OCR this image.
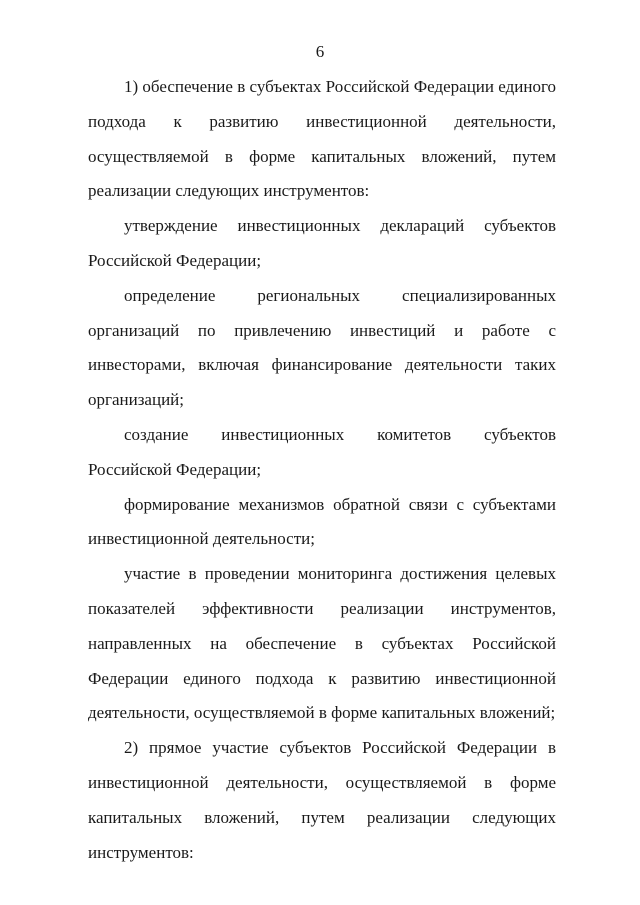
6

1) обеспечение в субъектах Российской Федерации единого подхода к развитию инвестиционной деятельности, осуществляемой в форме капитальных вложений, путем реализации следующих инструментов:

утверждение инвестиционных деклараций субъектов Российской Федерации;

определение региональных специализированных организаций по привлечению инвестиций и работе с инвесторами, включая финансирование деятельности таких организаций;

создание инвестиционных комитетов субъектов Российской Федерации;

формирование механизмов обратной связи с субъектами инвестиционной деятельности;

участие в проведении мониторинга достижения целевых показателей эффективности реализации инструментов, направленных на обеспечение в субъектах Российской Федерации единого подхода к развитию инвестиционной деятельности, осуществляемой в форме капитальных вложений;

2) прямое участие субъектов Российской Федерации в инвестиционной деятельности, осуществляемой в форме капитальных вложений, путем реализации следующих инструментов:
